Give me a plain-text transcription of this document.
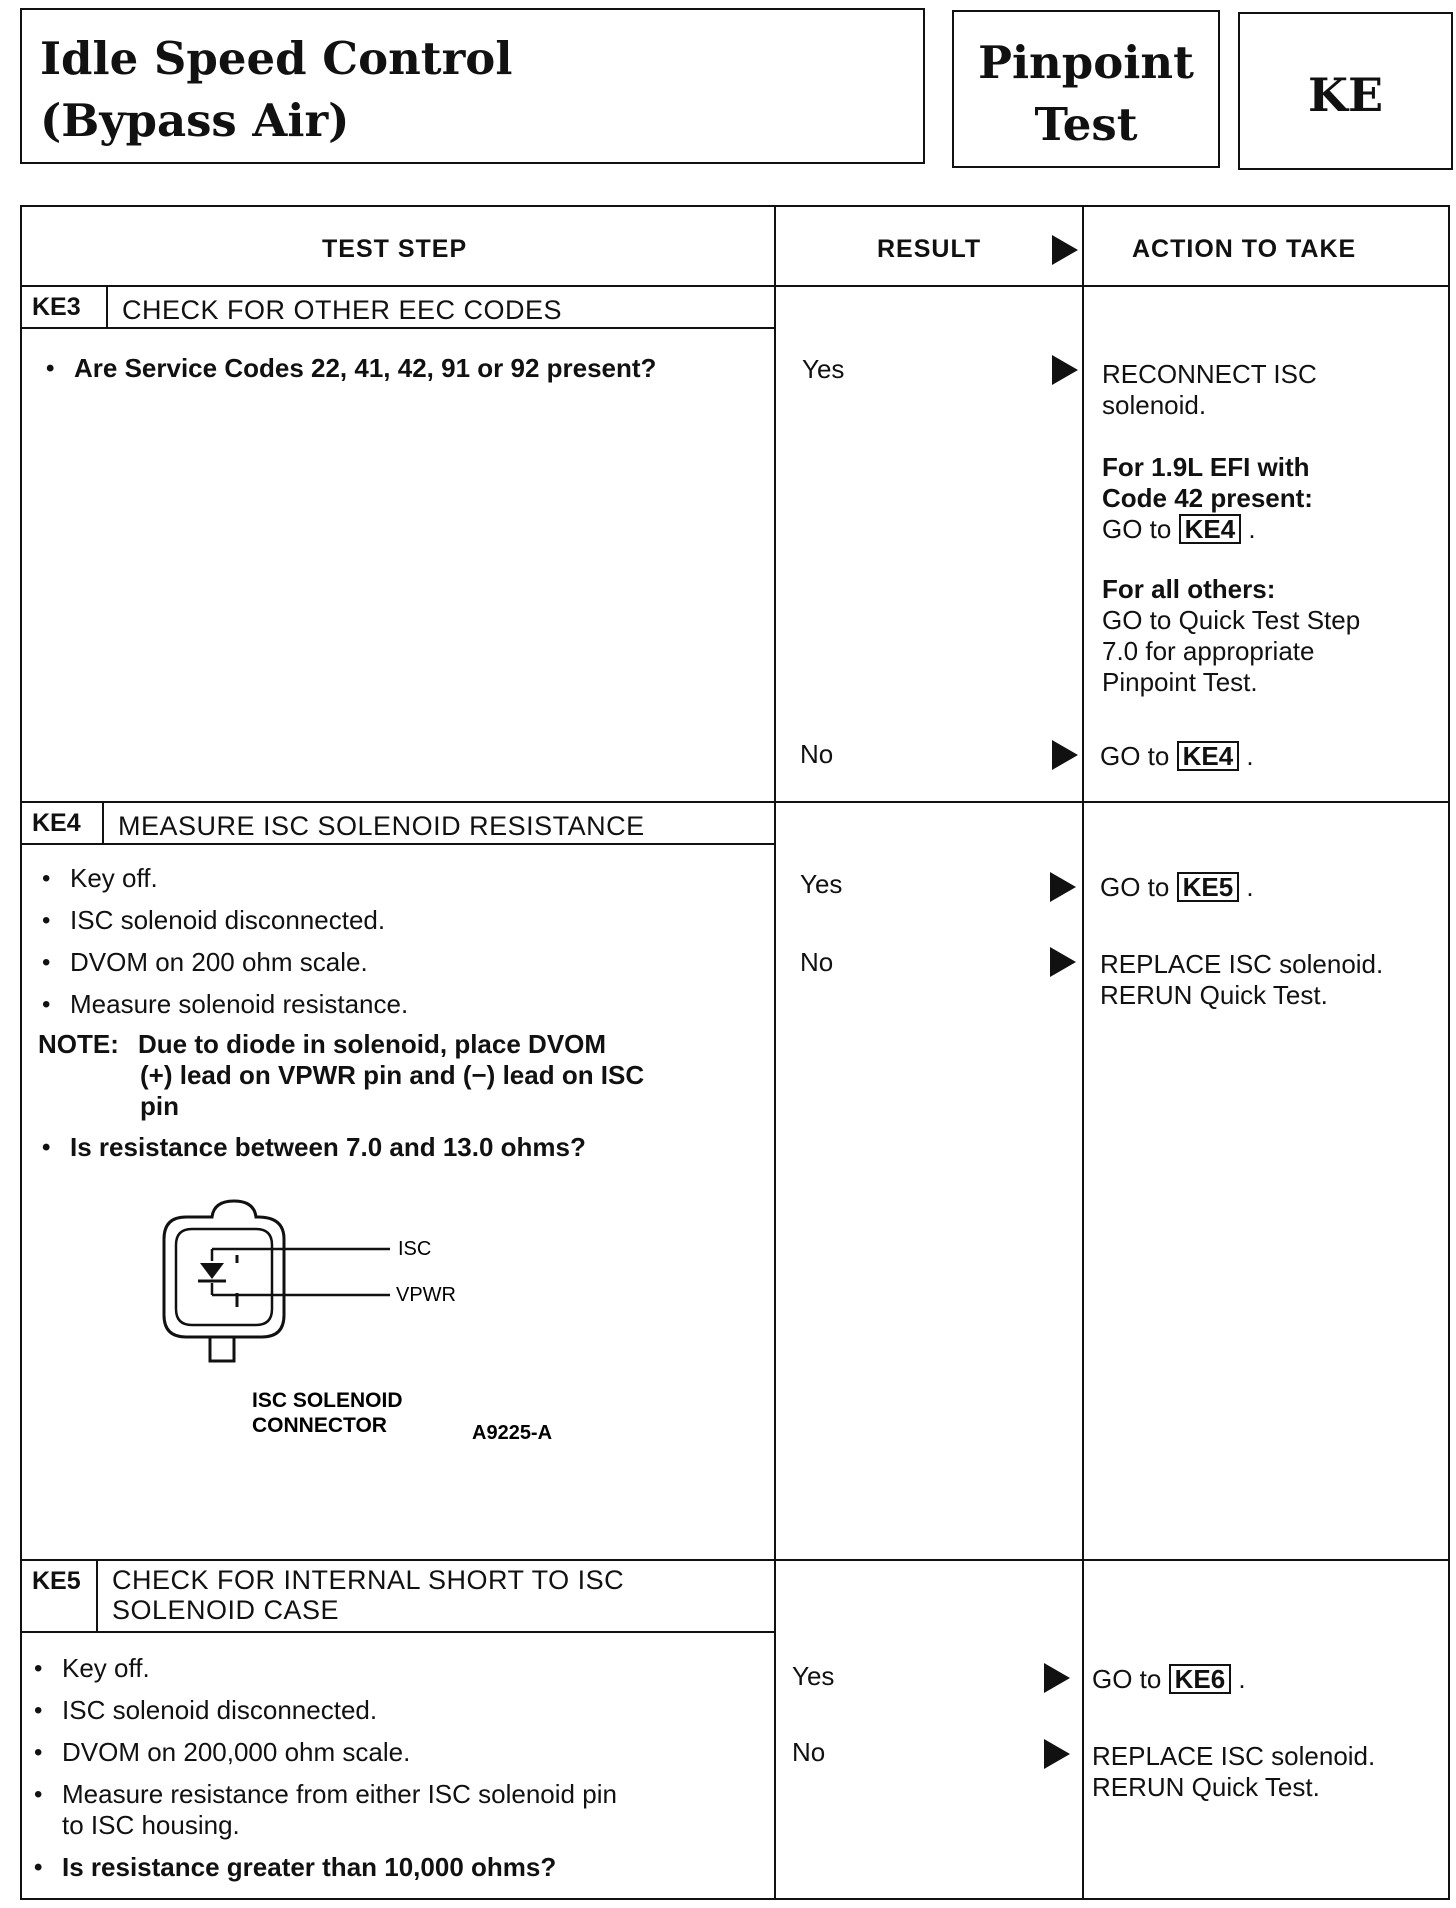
Idle Speed Control
(Bypass Air)
Pinpoint
Test
KE
TEST STEP	RESULT	ACTION TO TAKE
KE3	CHECK FOR OTHER EEC CODES
• Are Service Codes 22, 41, 42, 91 or 92 present?	Yes	RECONNECT ISC
solenoid.
For 1.9L EFI with
Code 42 present:
GO to KE4 .
For all others:
GO to Quick Test Step
7.0 for appropriate
Pinpoint Test.
No	GO to KE4 .
KE4	MEASURE ISC SOLENOID RESISTANCE
• Key off.
• ISC solenoid disconnected.
• DVOM on 200 ohm scale.
• Measure solenoid resistance.
NOTE: Due to diode in solenoid, place DVOM
(+) lead on VPWR pin and (−) lead on ISC
pin
• Is resistance between 7.0 and 13.0 ohms?
ISC
VPWR
ISC SOLENOID
CONNECTOR	A9225-A
Yes	GO to KE5 .
No	REPLACE ISC solenoid.
RERUN Quick Test.
KE5	CHECK FOR INTERNAL SHORT TO ISC
SOLENOID CASE
• Key off.
• ISC solenoid disconnected.
• DVOM on 200,000 ohm scale.
• Measure resistance from either ISC solenoid pin
to ISC housing.
• Is resistance greater than 10,000 ohms?
Yes	GO to KE6 .
No	REPLACE ISC solenoid.
RERUN Quick Test.
